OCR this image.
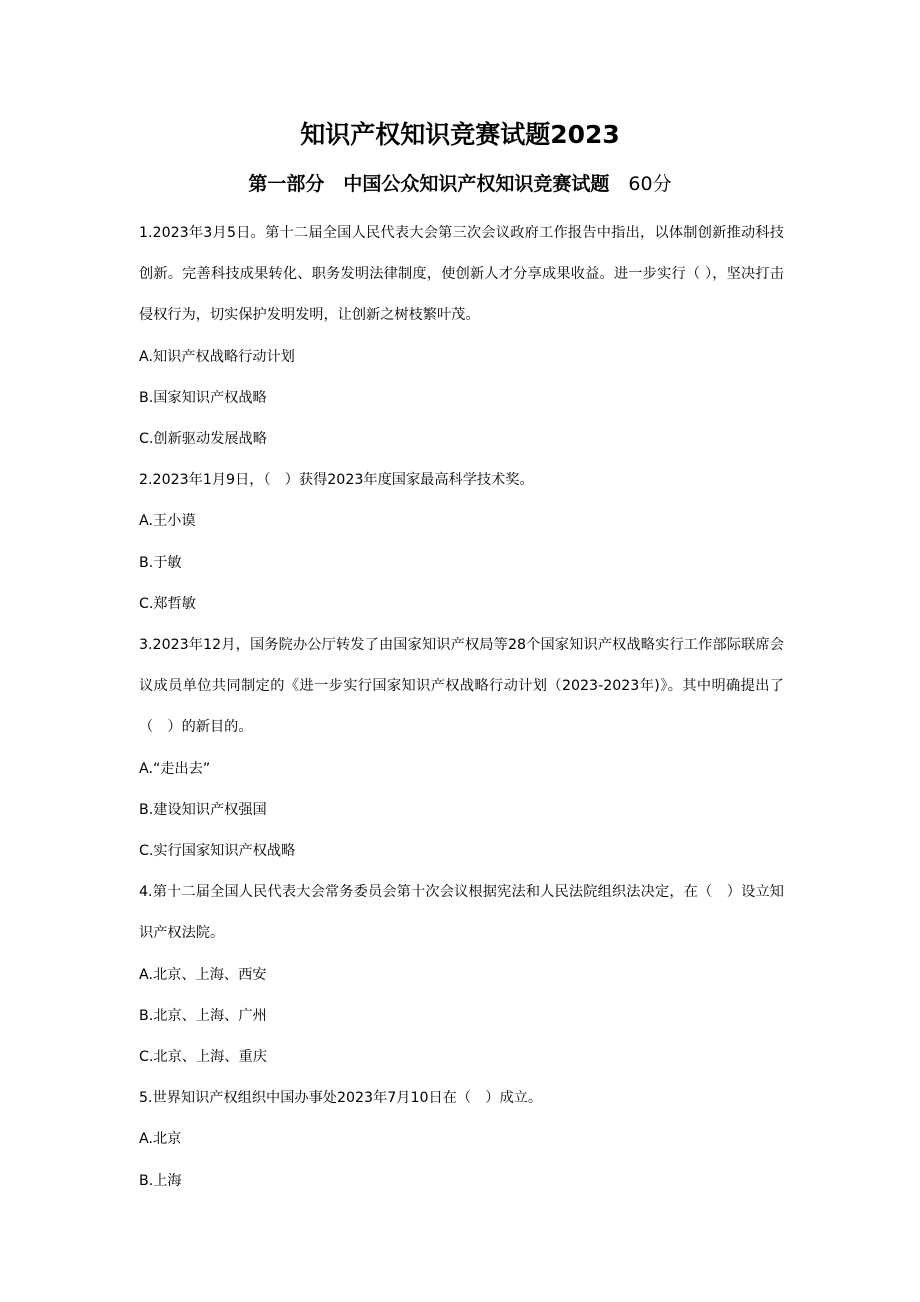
知识产权知识竞赛试题2023
第一部分　中国公众知识产权知识竞赛试题　 60分

1.2023年3月5日。第十二届全国人民代表大会第三次会议政府工作报告中指出，以体制创新推动科技创新。完善科技成果转化、职务发明法律制度，使创新人才分享成果收益。进一步实行（ ），坚决打击侵权行为，切实保护发明发明，让创新之树枝繁叶茂。

A.知识产权战略行动计划

B.国家知识产权战略

C.创新驱动发展战略

2.2023年1月9日，（　）获得2023年度国家最高科学技术奖。

A.王小谟

B.于敏

C.郑哲敏

3.2023年12月，国务院办公厅转发了由国家知识产权局等28个国家知识产权战略实行工作部际联席会议成员单位共同制定的《进一步实行国家知识产权战略行动计划（2023-2023年)》。其中明确提出了（　）的新目的。

A.“走出去”

B.建设知识产权强国

C.实行国家知识产权战略

4.第十二届全国人民代表大会常务委员会第十次会议根据宪法和人民法院组织法决定，在（　）设立知识产权法院。

A.北京、上海、西安

B.北京、上海、广州

C.北京、上海、重庆

5.世界知识产权组织中国办事处2023年7月10日在（　）成立。

A.北京

B.上海
